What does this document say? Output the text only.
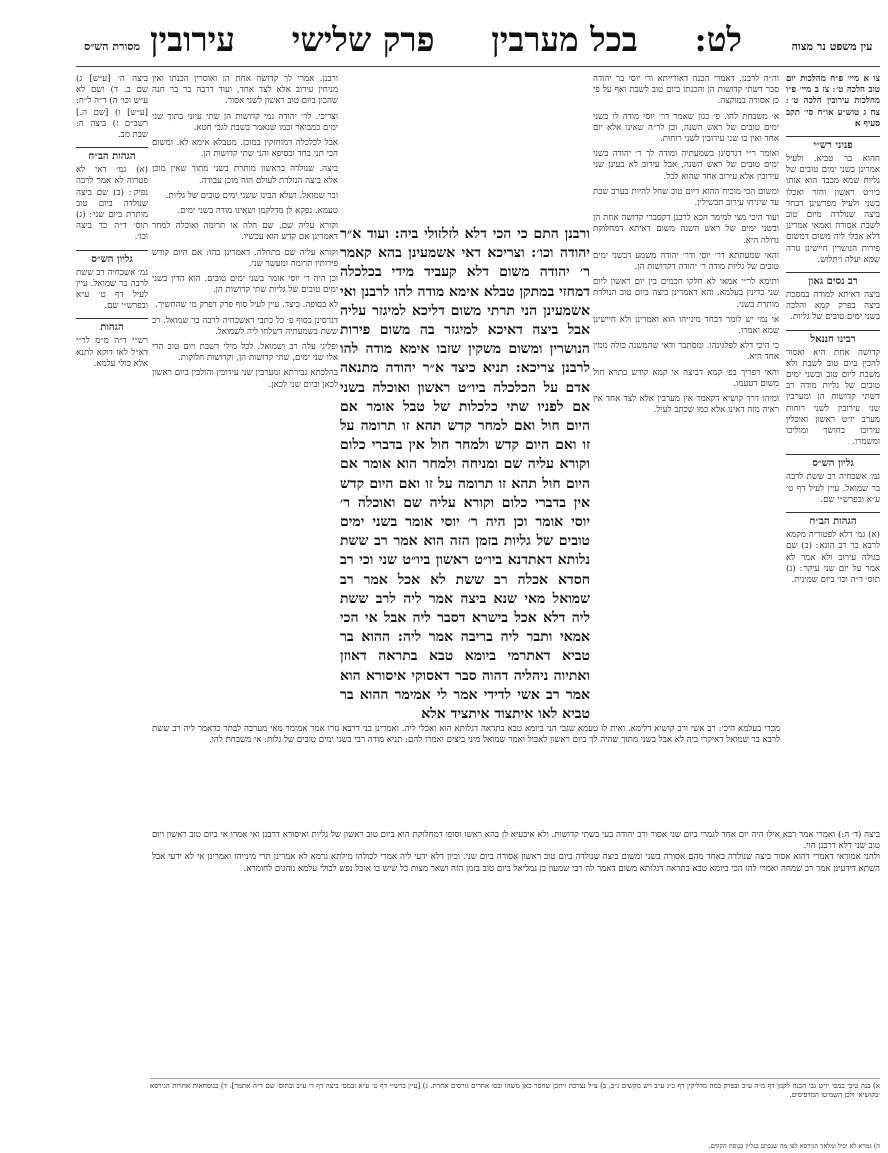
לט:
בכל מערבין
פרק שלישי
עירובין
מסורת הש״ס	עין משפט נר מצוה

ביצה ה׳ [ע״ש] ג) שם ב. ד) ושם לא ע״ש וכו׳ ה) ר״ה ל״ח: [ע״ש] ו) [שם ה.] רשב״ם ז) ביצה ה: שבת מב.

הגהות הב״ח

(א) גמ׳ דאי לא פטרוה לא אמר לרבה נפיק ׃ (ב) שם ביצה שנולדה ביום טוב מותרת ביום שני ׃ (ג) תוס׳ ד״ה כד ביצה וכו׳.

גליון הש״ס

גמ׳ אשכחיה רב ששת לרבה בר שמואל. עיין לעיל דף ט׳ ע״א ובפרש״י שם.

הגהות

רש״י ד״ה מ״מ לר״י דא״ל לאו דוקא לתנא אלא כולי עלמא.

צו א מיי׳ פ״ח מהלכות יום טוב הלכה ט׳ ׃ צז ב מיי׳ פ״ו מהלכות עירובין הלכה ט׳ ׃ צח ג טוש״ע או״ח סי׳ תקב סעיף א׃

פניני רש״י

חהוא בר טביא. ולעיל אמרינן בשני ימים טובים של גליות שמא מכבד הוא אותו ביו״ט ראשון וחזר ואכלו בשני ולעיל מפרשינן דבחד ביצה שנולדה מיום טוב לשבת אסורה ואמאי אמרינן דלא אכלי ליה משום דמשום פירות הנושרין חיישינן גזרה שמא יעלה ויתלוש.

רב נסים גאון

ביצה דאיתא למודה במסכת ביצה בפרק קמא והלכה בשני ימים טובים של גליות.

רבינו חננאל

קדושה אחת היא ואסור להכין ביום טוב לשבת ולא משבת ליום טוב ובשני ימים טובים של גליות מודה רב דשתי קדושות הן ומערבין שני עירובין לשני רוחות מערב יו״ט ראשון ואוכלין עירובו בחושך ומוליכו ומשמרו.

גליון הש״ס

גמ׳ אשכחיה רב ששת לרבה בר שמואל. עיין לעיל דף ט׳ ע״א ובפרש״י שם.

הגהות הב״ח

(א) גמ׳ דלא לפטוריה מקמא לרבא בר רב הונא ׃ (ב) שם בגולה עירוב ולא אמר לא אמר על יום שני עיקר ׃ (ג) תוס׳ ד״ה וכו׳ ביום שמינית.

וה״ה לרבנן. דאמרי הכנה דאורייתא ור׳ יוסי בר יהודה סבר דשתי קדושות הן והכנתו ביום טוב לשבת ואף על פי כן אסורה במוקצה.

א׳ משבחת להו. פ׳ כגון שאמר דר׳ יוסי מודה לו בשני ימים טובים של ראש השנה, וכן לר״ה שאינו אלא יום אחד ואין בו שני עירובין לשני רוחות.

ואומר ר״י דגרסינן בשמעתיה ומודה לך ר׳ יהודה בשני ימים טובים של ראש השנה, אבל עירוב לא בעינן שני עירובין אלא עירוב אחד שהוא לכל.

ומשום הכי מוכיח ההוא דיום טוב שחל להיות בערב שבת עד שיניחו עירוב תבשילין.

ועוד היכי מצי למימר הכא לרבנן דקסברי קדושה אחת הן ובשני ימים של ראש השנה משום דאיתא דמחלוקת גדולה היא.

והאי שמעתתא דר׳ יוסי ודר׳ יהודה משמע דבשני ימים טובים של גליות מודה ר׳ יהודה דקדושות הן.

ותימא לר״י אמאי לא חלקו חכמים בין יום ראשון ליום שני בדינין בעלמא. והא דאמרינן ביצה ביום טוב הנולדת מותרת בשני.

אי נמי יש לומר דבחד מינייהו הוא ואמרינן ולא חיישינן שמא יאמרו.

כי היכי דלא לפלגינהו. ומסתבר ודאי שהמשנה כולה ממין אחד היא.

והאי דפריך בפ׳ קמא דביצה אי קמא קודש בתרא חול משום דטעמו.

ומיהו דרך קושיא דקאמר אין מערבין אלא לצד אחד אין ראיה מזה דאינו אלא כמו שכתב לעיל.

ורבנן. אמרי לך קדושה אחת הן ואוסרין הכנתו ואין מניחין עירוב אלא לצד אחד, ועוד דרבה בר בר חנה שהכין ביום טוב ראשון לשני אסור.

וצריכי. לר׳ יהודה נמי קדושות הן שתי עיוני בתוך שני ימים כמבואר וכמו שנאמר בשבת לגבי חטא.

אבל לכלכלה דמוחזקין במוכן. מטבלא אימא לא. ומשום הכי תני בחד ובסיפא והני שתי קדושות הן.

ביצה. שנולדה בראשון מותרת בשני מתוך שאין מוכן אלא ביצה הנולדת לעולם הוה מוכן עבודה.

ובר שמואל. ושלא הבינו ששני ימים טובים של גליות.

טעמא. נפקא לן מדלקמן ושאינו מודה בשני ימים.

וקורא עליה שם. שם חלה או תרומה ואוכלה למחר דאמרינן אם קדש הוא עכשיו.

וקורא עליה שם בתחלה. דאמרינן בהו: אם היום קודש פירותיו תרומה ומעשר שני.

וכן היה ר׳ יוסי אומר בשני ימים טובים. הוא הדין בשני ימים טובים של גליות שתי קדושות הן.

לא בסופה. כיצד. עיין לעיל סוף פרק דפרק מי שהחשיך.

דגרסינן בסוף פ׳ כל כתבי דאשכחיה לרבה בר שמואל. רב ששת בשמעתיה דשלחו ליה לשמואל.

ופליגי עלה רב ושמואל. לכל מילי דשבת ויום טוב הרי אלו שני ימים, שתי קדושות הן, וקדושות חלוקות.

בהלכתא גבירתא ומערבין שני עירובין והולכין ביום ראשון לכאן וביום שני לכאן.

ורבנן התם כי הכי דלא לזלזולי ביה: ועוד א״ר יהודה וכו׳: וצריכא דאי אשמעינן בהא קאמר ר׳ יהודה משום דלא קעביד מידי בכלכלה דמחזי במתקן טבלא אימא מודה להו לרבנן ואי אשמעינן הני תרתי משום דליכא למיגזר עליה אבל ביצה דאיכא למיגזר בה משום פירות הנושרין ומשום משקין שזבו אימא מודה להו לרבנן צריכא: תניא כיצד א״ר יהודה מתנאה אדם על הכלכלה ביו״ט ראשון ואוכלה בשני אם לפניו שתי כלכלות של טבל אומר אם היום חול ואם למחר קדש תהא זו תרומה על זו ואם היום קדש ולמחר חול אין בדברי כלום וקורא עליה שם ומניחה ולמחר הוא אומר אם היום חול תהא זו תרומה על זו ואם היום קדש אין בדברי כלום וקורא עליה שם ואוכלה ר׳ יוסי אומר וכן היה ר׳ יוסי אומר בשני ימים טובים של גליות בזמן הזה הוא אמר רב ששת נלותא דאתדנא ביו״ט ראשון ביו״ט שני וכי רב חסדא אכלה רב ששת לא אכל אמר רב שמואל מאי שנא ביצה אמר ליה לרב ששת ליה דלא אכל בישרא דסבר ליה אבל אי הכי אמאי ותבר ליה בריבה אמר ליה: ההוא בר טביא דאתרמי ביומא טבא בתראה דאוזן ואתיוה ניהליה דהוה סבר דאסוקי איסורא הוא אמר רב אשי לדידי אמר לי אמימר ההוא בר טביא לאו איתצוד איתציד אלא

מכרי בעלמא היכי: רב אשי ורב קושיא דלימא. ואית לו טעמא שגבי הני ביומא טבא בתראה דגלותא הוא ואכלי ליה. ואמרינן בני דרבא גזרו אמר אמימר מאי מערבה לבתר כדאמר ליה רב ששת לרבא בר שמואל דאיקרי ביה לא אבל בשני מתוך שהיה לך ביום ראשון לאכול ואמר שמואל מיני ביצים ואמרו להם: תניא מודה רבי בשני ימים טובים של גלות: אי משבחת להו.

ביצה (ד׳ ה:) ואמרי אמר רבא אילו היה יום אחד לגמרי ביום שני אסור ורב יהודה בעי בשתי קדושות. ולא איבעיא לן בהא ראשו וסופו דמחלוקת הוא ביום טוב ראשון של גליות ואיסורא דרבנן ואי אמרו אי ביום טוב ראשון ויום טוב שני דלא דרבנן הוי.

ולהני אמוראי דאמרי דהוא אסור ביצה שנולדה באחד מהם אסורה בשני ומשום ביצה שנולדה ביום טוב ראשון אסורה ביום שני. וכיון דלא ידעי ליה אמרי לכולהו מילתא גרמא לא אמרינן תרי מינייהו ואמרינן אי לא ידעי אבל השתא דידעינן אמר רב שמחה ואמרי להו הכי ביומא טבא בתראה דגלותא משום דאמר לה רבי שמעון בן גמליאל ביום טוב בזמן הזה ושאר מצות כל שיש בו אוכל נפש לכולי עלמא נוהגים לחומרא.

א) בנה טיבי במס׳ יו״ט גבי הכנה לקמן דף מ״ה ע״ב ובפרק במה מדליקין דף כ״ג ע״ב ויש מקשים ג״ב, ב) צ״ל נצרכת ויתכן שחסר כאן משהו ובס׳ אחרים גורסים אחרת. ג) [עיין ברש״י דף ט׳ ע״א ובמס׳ ביצה דף ד׳ ע״ב ובתוס׳ שם ד״ה אתמר]. ד) בנוסחאות אחרות הגירסא ׳בקושיא׳ ולכן השמיטו המדפיסים.

ה) גמרא לא יכיל ומלאך הגירסא לפי מה שנכתב בגליון בנוסח הקודם.
